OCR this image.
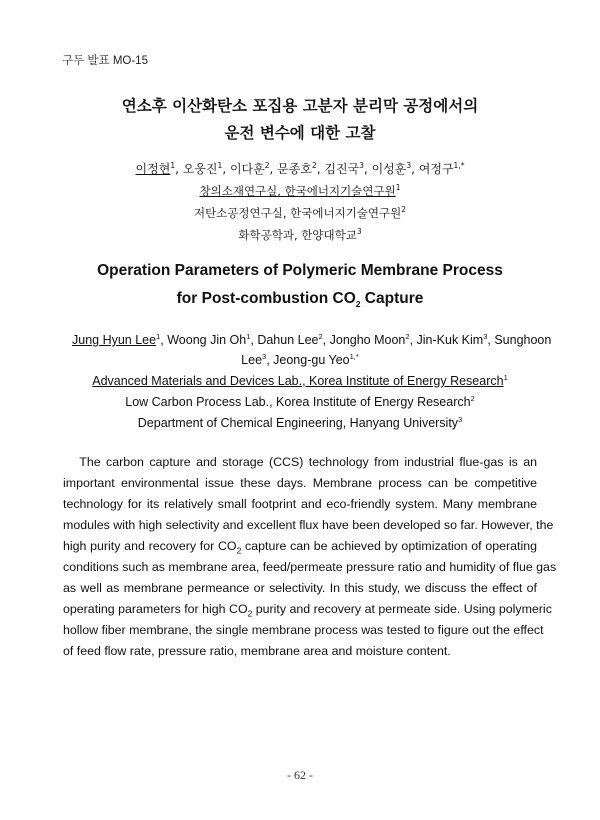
구두 발표 MO-15
연소후 이산화탄소 포집용 고분자 분리막 공정에서의
운전 변수에 대한 고찰
이정현$^1$, 오웅진$^1$, 이다훈$^2$, 문종호$^2$, 김진국$^3$, 이성훈$^3$, 여정구$^{1,*}$
창의소재연구실, 한국에너지기술연구원$^1$
저탄소공정연구실, 한국에너지기술연구원$^2$
화학공학과, 한양대학교$^3$
Operation Parameters of Polymeric Membrane Process
for Post-combustion $CO_2$ Capture
Jung Hyun Lee$^1$, Woong Jin Oh$^1$, Dahun Lee$^2$, Jongho Moon$^2$, Jin-Kuk Kim$^3$, Sunghoon
Lee$^3$, Jeong-gu Yeo$^{1,*}$
Advanced Materials and Devices Lab., Korea Institute of Energy Research$^1$
Low Carbon Process Lab., Korea Institute of Energy Research$^2$
Department of Chemical Engineering, Hanyang University$^3$
The carbon capture and storage (CCS) technology from industrial flue-gas is an
important environmental issue these days. Membrane process can be competitive
technology for its relatively small footprint and eco-friendly system. Many membrane
modules with high selectivity and excellent flux have been developed so far. However, the
high purity and recovery for $CO_2$ capture can be achieved by optimization of operating
conditions such as membrane area, feed/permeate pressure ratio and humidity of flue gas
as well as membrane permeance or selectivity. In this study, we discuss the effect of
operating parameters for high $CO_2$ purity and recovery at permeate side. Using polymeric
hollow fiber membrane, the single membrane process was tested to figure out the effect
of feed flow rate, pressure ratio, membrane area and moisture content.
- 62 -
